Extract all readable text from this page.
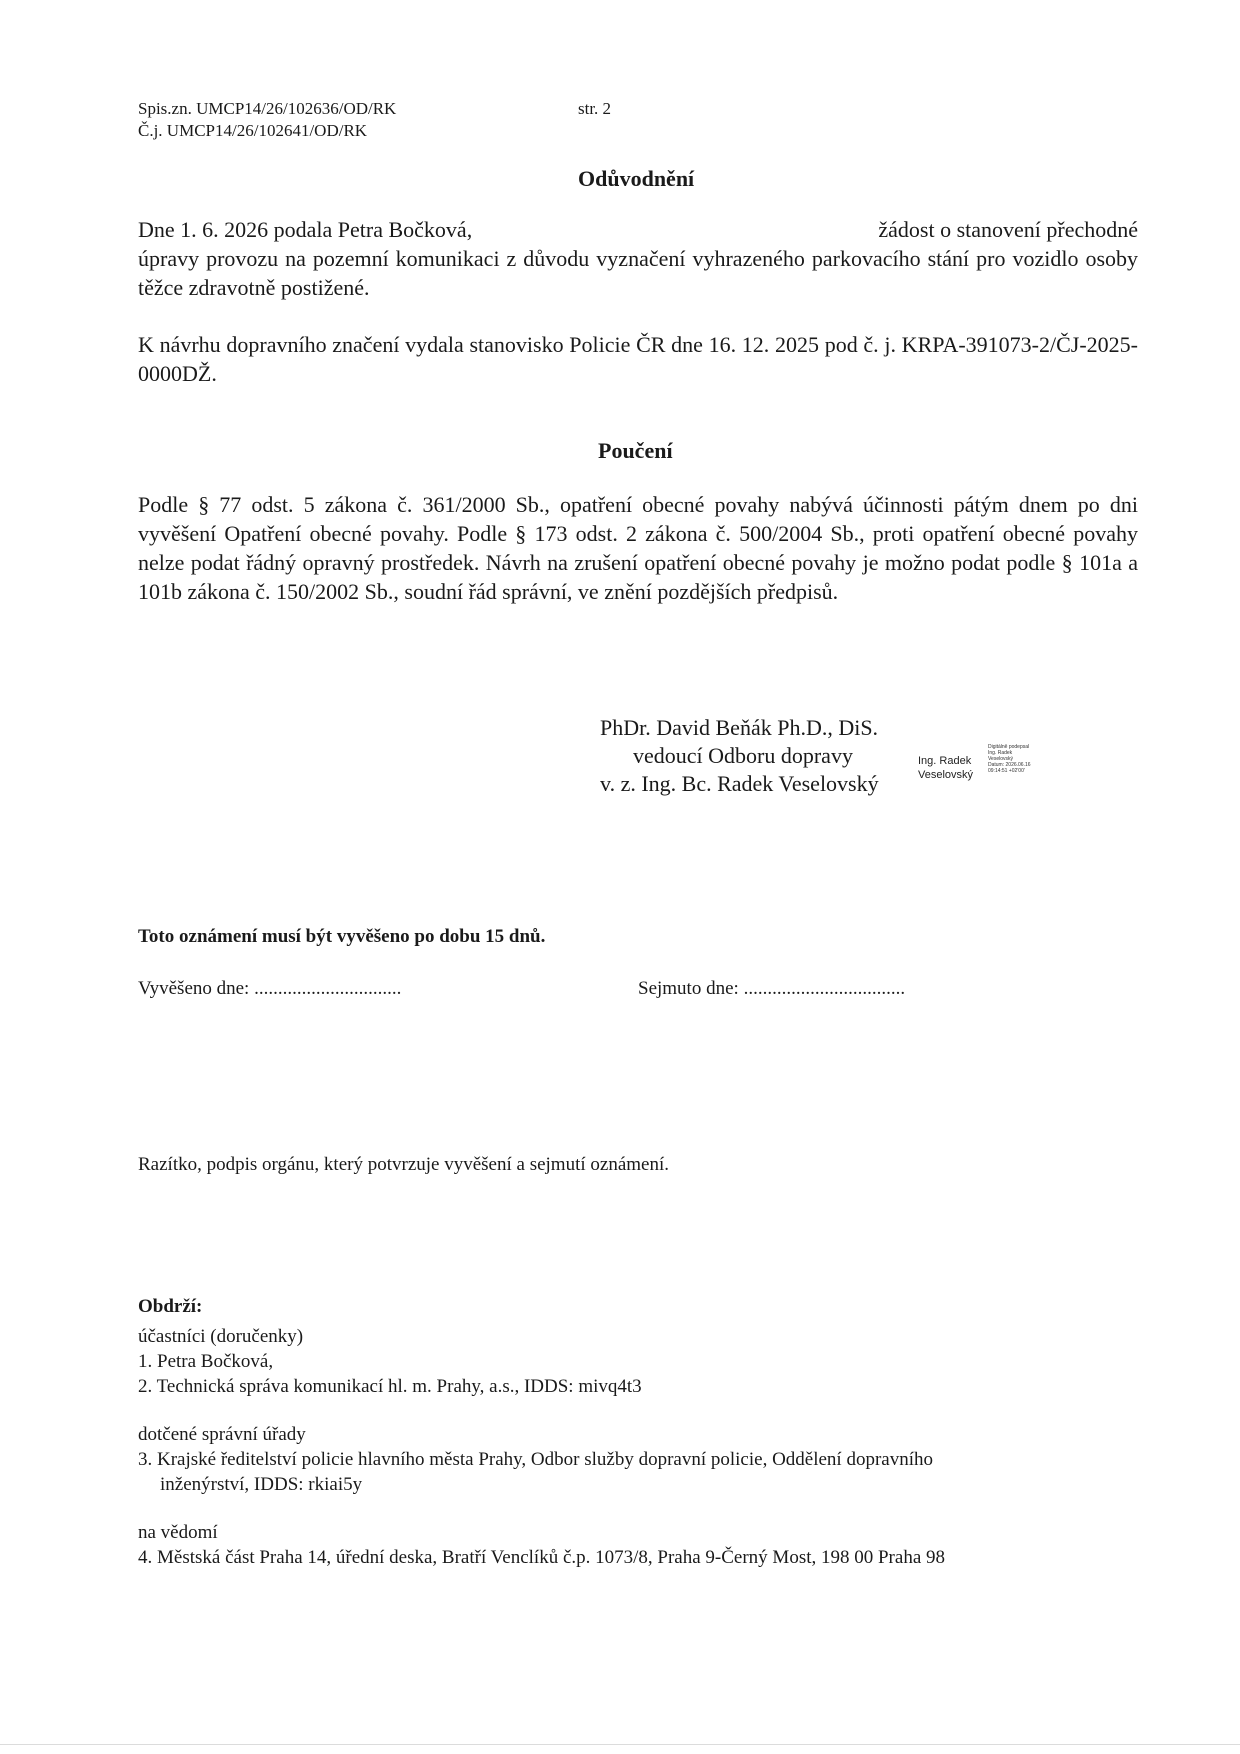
Spis.zn. UMCP14/26/102636/OD/RK
Č.j. UMCP14/26/102641/OD/RK
str. 2
Odůvodnění
Dne 1. 6. 2026 podala Petra Bočková,	žádost o stanovení přechodné

úpravy provozu na pozemní komunikaci z důvodu vyznačení vyhrazeného parkovacího stání pro vozidlo osoby těžce zdravotně postižené.

K návrhu dopravního značení vydala stanovisko Policie ČR dne 16. 12. 2025 pod č. j. KRPA-391073-2/ČJ-2025-0000DŽ.

Poučení

Podle § 77 odst. 5 zákona č. 361/2000 Sb., opatření obecné povahy nabývá účinnosti pátým dnem po dni vyvěšení Opatření obecné povahy. Podle § 173 odst. 2 zákona č. 500/2004 Sb., proti opatření obecné povahy nelze podat řádný opravný prostředek. Návrh na zrušení opatření obecné povahy je možno podat podle § 101a a 101b zákona č. 150/2002 Sb., soudní řád správní, ve znění pozdějších předpisů.

PhDr. David Beňák Ph.D., DiS.
vedoucí Odboru dopravy
v. z. Ing. Bc. Radek Veselovský
Ing. Radek
Veselovský
Digitálně podepsal
Ing. Radek
Veselovský
Datum: 2026.06.16
09:14:51 +02'00'
Toto oznámení musí být vyvěšeno po dobu 15 dnů.
Vyvěšeno dne: ...............................	Sejmuto dne: ..................................
Razítko, podpis orgánu, který potvrzuje vyvěšení a sejmutí oznámení.
Obdrží:
účastníci (doručenky)
1. Petra Bočková,
2. Technická správa komunikací hl. m. Prahy, a.s., IDDS: mivq4t3
dotčené správní úřady
3. Krajské ředitelství policie hlavního města Prahy, Odbor služby dopravní policie, Oddělení dopravního
inženýrství, IDDS: rkiai5y
na vědomí
4. Městská část Praha 14, úřední deska, Bratří Venclíků č.p. 1073/8, Praha 9-Černý Most, 198 00 Praha 98
